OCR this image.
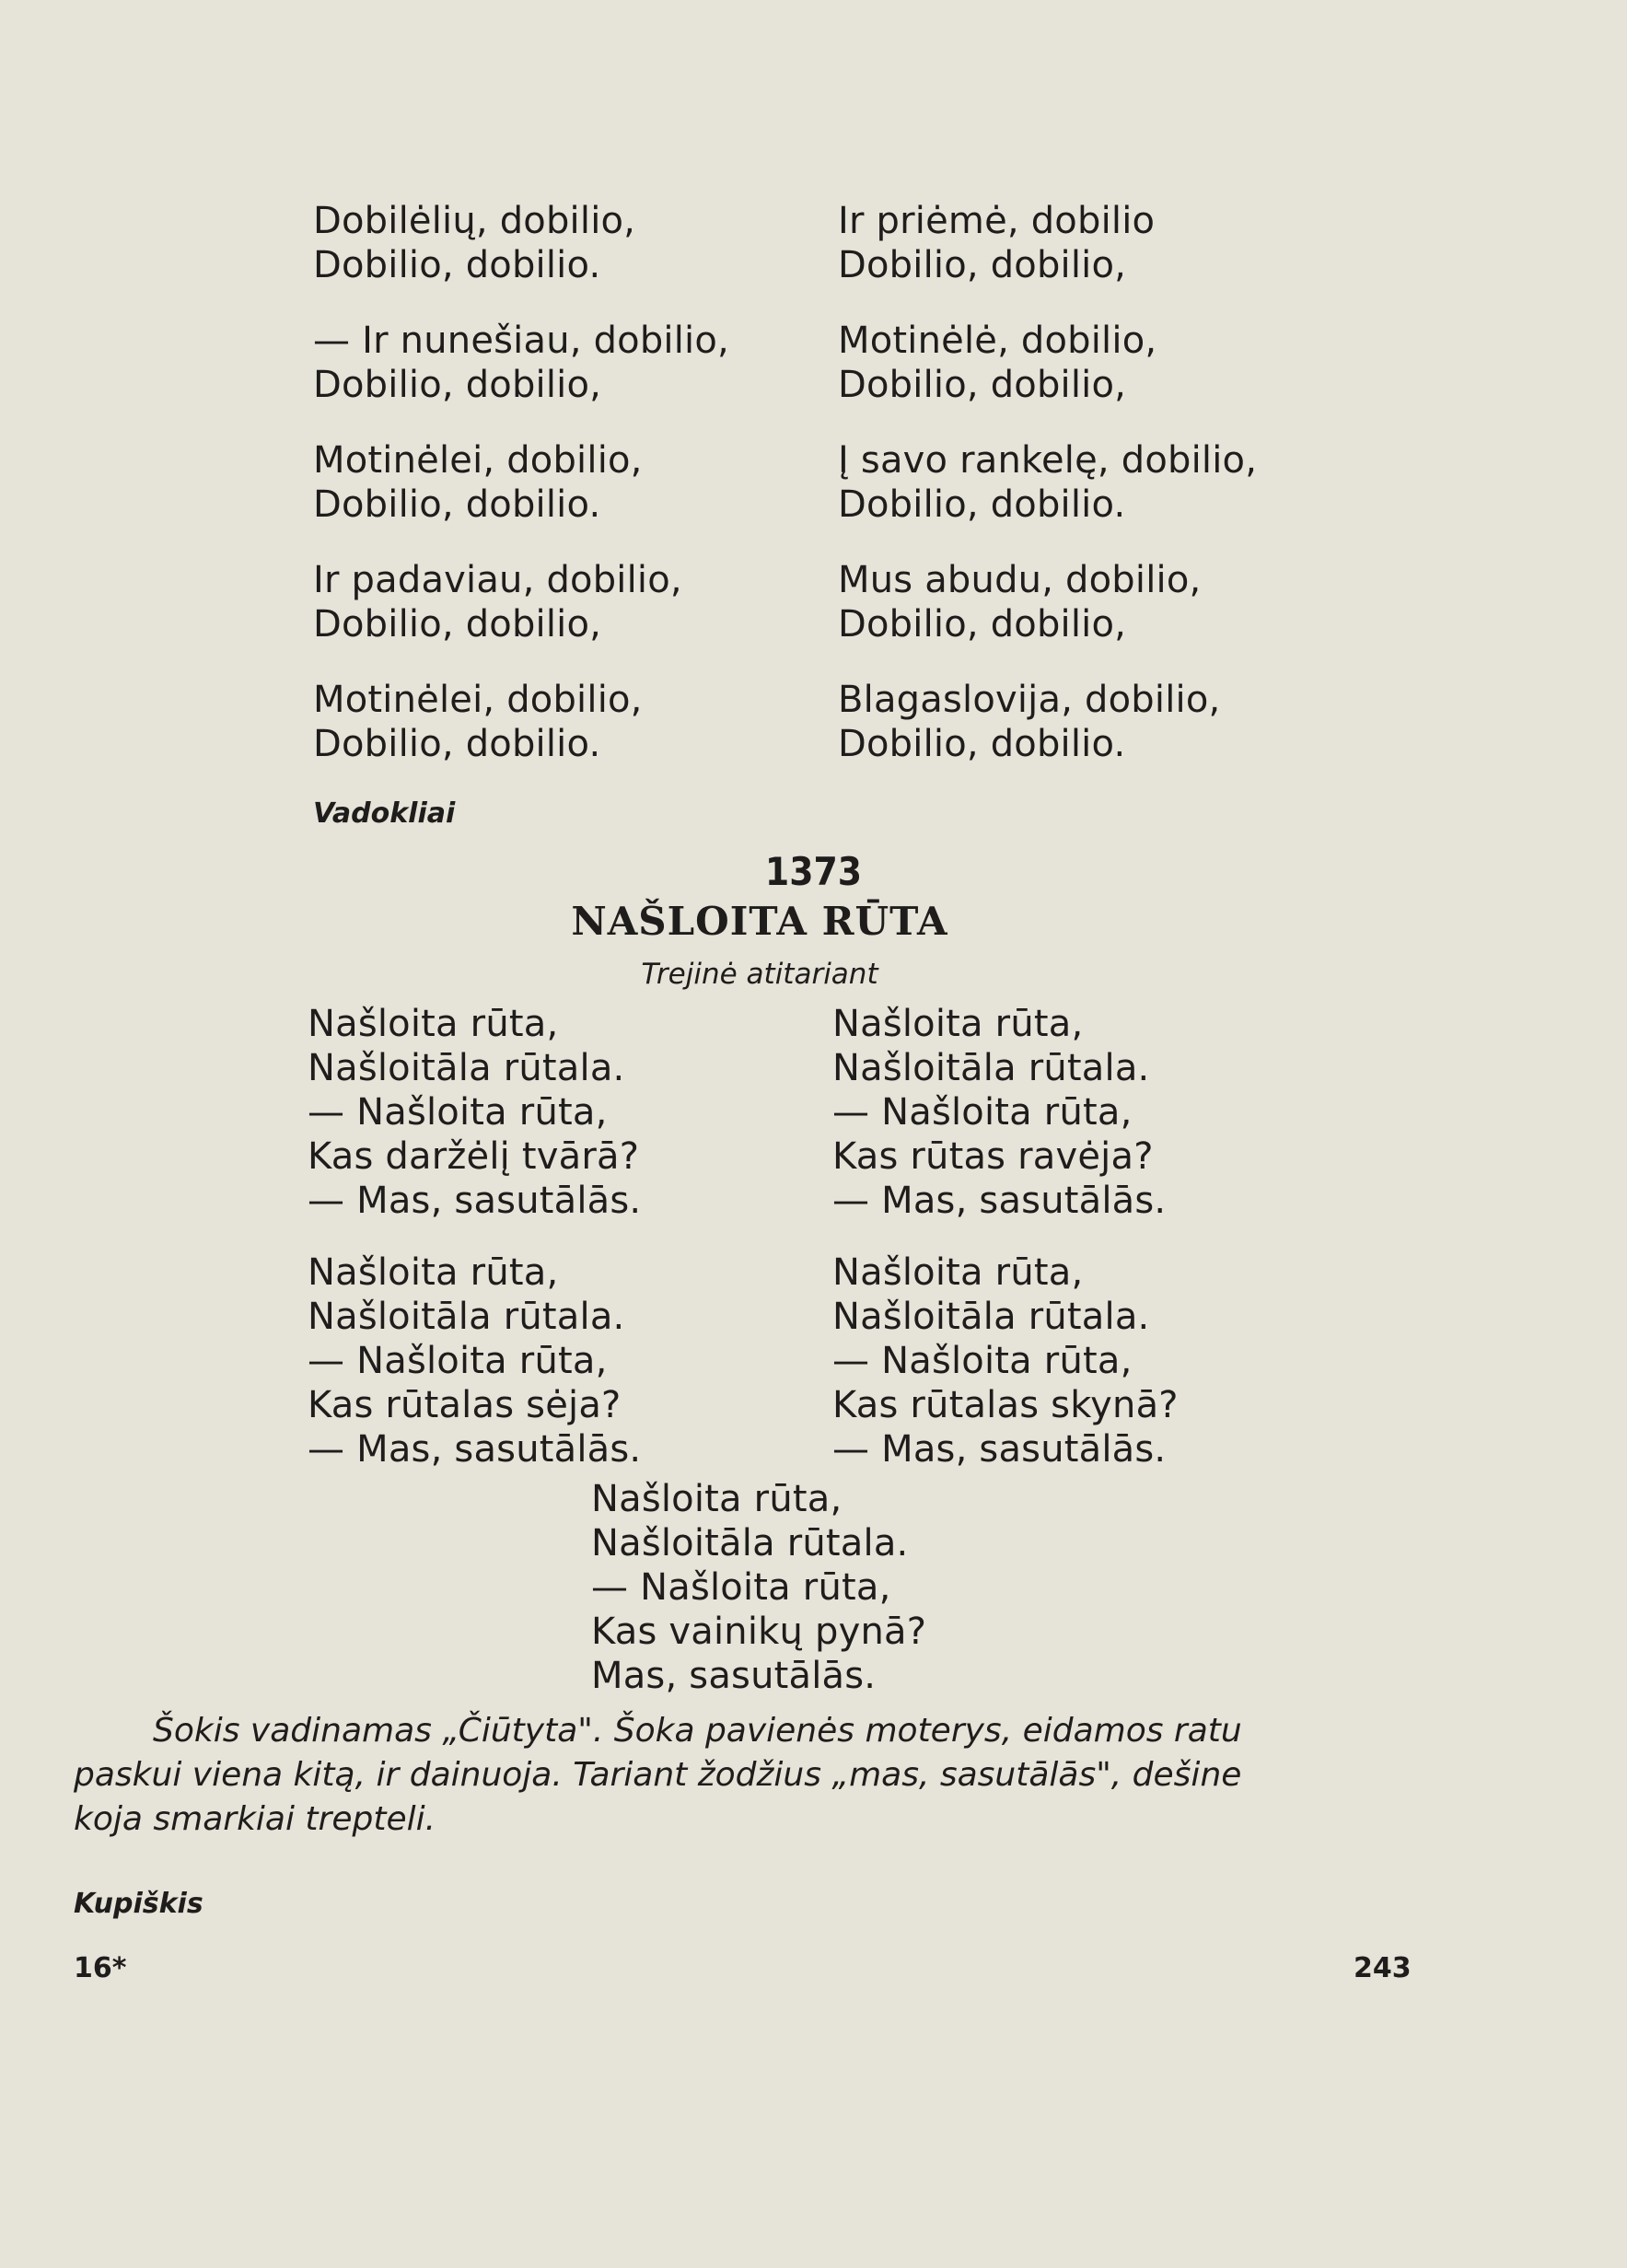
Dobilėlių, dobilio,
Dobilio, dobilio.
— Ir nunešiau, dobilio,
Dobilio, dobilio,
Motinėlei, dobilio,
Dobilio, dobilio.
Ir padaviau, dobilio,
Dobilio, dobilio,
Motinėlei, dobilio,
Dobilio, dobilio.
Ir priėmė, dobilio
Dobilio, dobilio,
Motinėlė, dobilio,
Dobilio, dobilio,
Į savo rankelę, dobilio,
Dobilio, dobilio.
Mus abudu, dobilio,
Dobilio, dobilio,
Blagaslovija, dobilio,
Dobilio, dobilio.
Vadokliai
1373
NAŠLOITA RŪTA
Trejinė atitariant
Našloita rūta,
Našloitāla rūtala.
— Našloita rūta,
Kas daržėlį tvārā?
— Mas, sasutālās.
Našloita rūta,
Našloitāla rūtala.
— Našloita rūta,
Kas rūtalas sėja?
— Mas, sasutālās.
Našloita rūta,
Našloitāla rūtala.
— Našloita rūta,
Kas rūtas ravėja?
— Mas, sasutālās.
Našloita rūta,
Našloitāla rūtala.
— Našloita rūta,
Kas rūtalas skynā?
— Mas, sasutālās.
Našloita rūta,
Našloitāla rūtala.
— Našloita rūta,
Kas vainikų pynā?
Mas, sasutālās.
Šokis vadinamas „Čiūtyta". Šoka pavienės moterys, eidamos ratu
paskui viena kitą, ir dainuoja. Tariant žodžius „mas, sasutālās", dešine
koja smarkiai trepteli.
Kupiškis
16*	243
